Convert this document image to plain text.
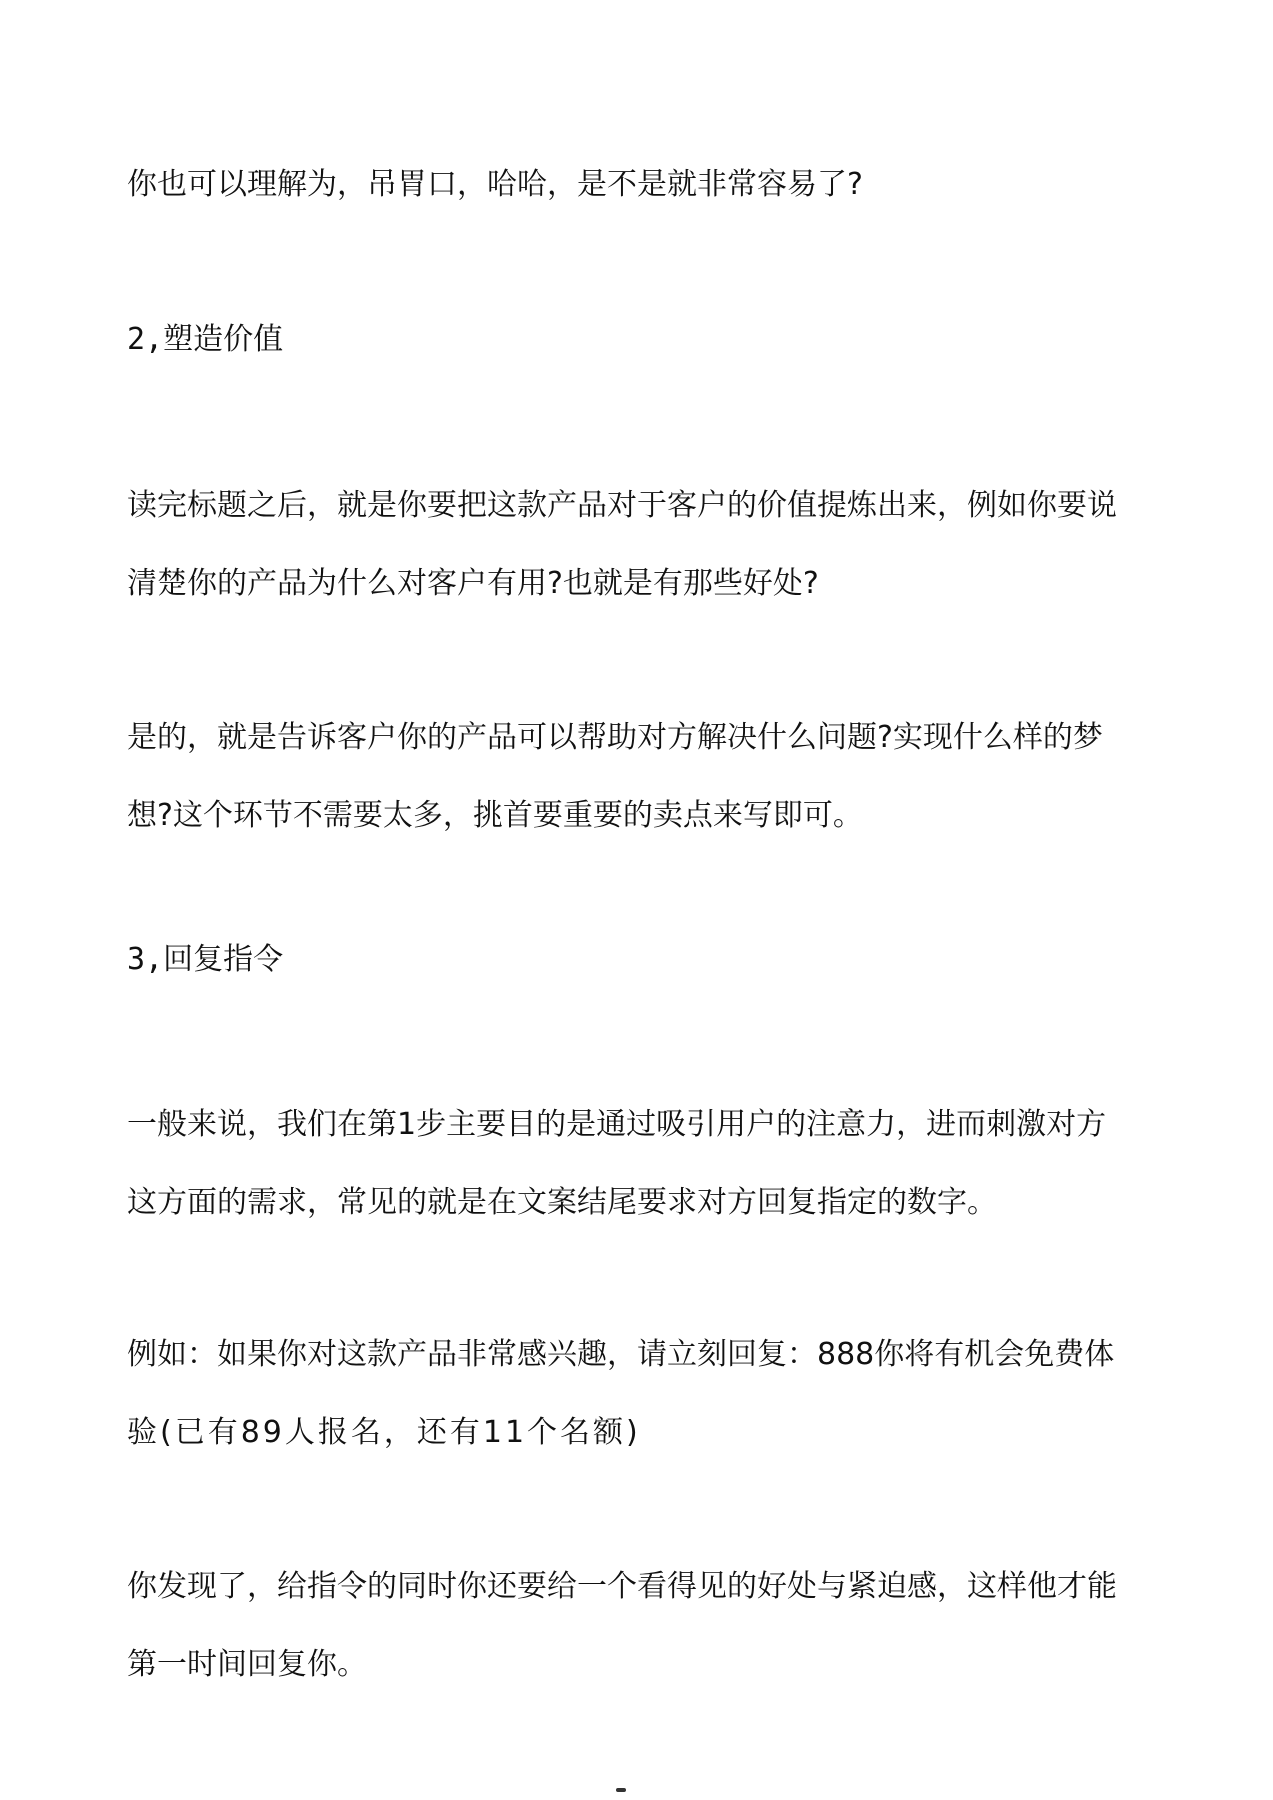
你也可以理解为，吊胃口，哈哈，是不是就非常容易了?
2,塑造价值
读完标题之后，就是你要把这款产品对于客户的价值提炼出来，例如你要说
清楚你的产品为什么对客户有用?也就是有那些好处?
是的，就是告诉客户你的产品可以帮助对方解决什么问题?实现什么样的梦
想?这个环节不需要太多，挑首要重要的卖点来写即可。
3,回复指令
一般来说，我们在第1步主要目的是通过吸引用户的注意力，进而刺激对方
这方面的需求，常见的就是在文案结尾要求对方回复指定的数字。
例如：如果你对这款产品非常感兴趣，请立刻回复：888你将有机会免费体
验(已有89人报名，还有11个名额)
你发现了，给指令的同时你还要给一个看得见的好处与紧迫感，这样他才能
第一时间回复你。
